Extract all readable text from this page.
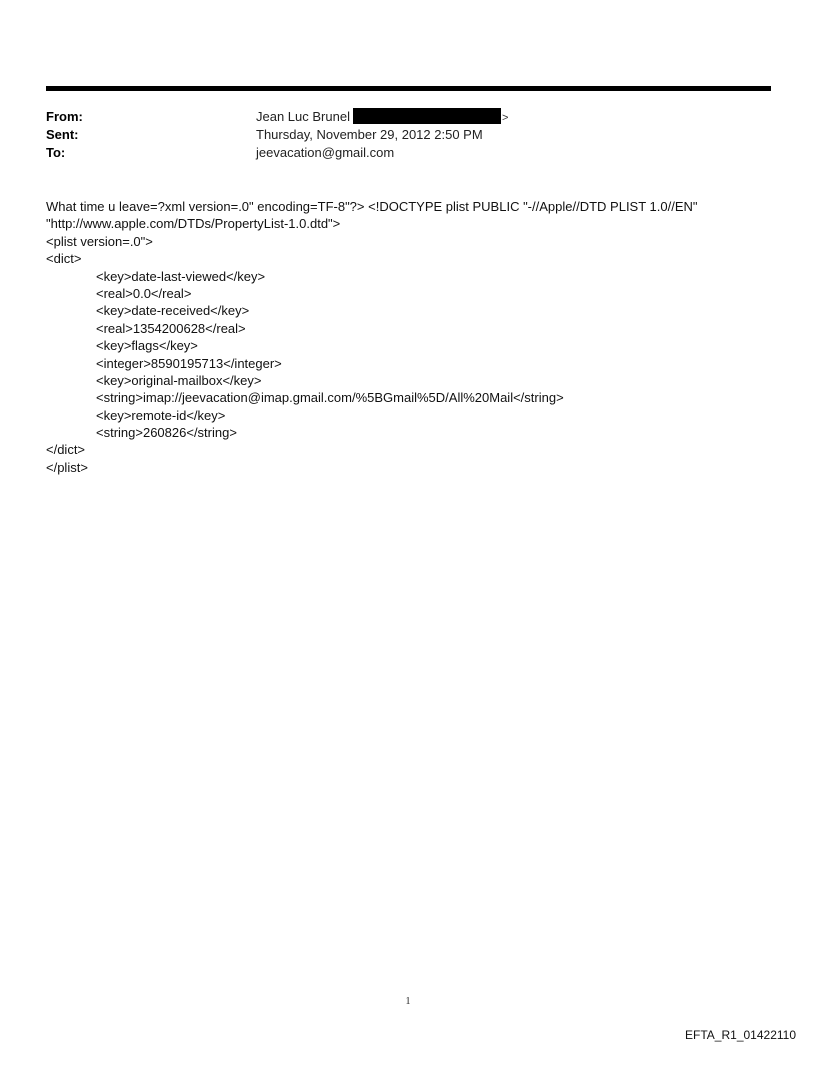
From:	Jean Luc Brunel	>
Sent:	Thursday, November 29, 2012 2:50 PM
To:	jeevacation@gmail.com
What time u leave=?xml version=.0" encoding=TF-8"?> <!DOCTYPE plist PUBLIC "-//Apple//DTD PLIST 1.0//EN"
"http://www.apple.com/DTDs/PropertyList-1.0.dtd">
<plist version=.0">
<dict>
<key>date-last-viewed</key>
<real>0.0</real>
<key>date-received</key>
<real>1354200628</real>
<key>flags</key>
<integer>8590195713</integer>
<key>original-mailbox</key>
<string>imap://jeevacation@imap.gmail.com/%5BGmail%5D/All%20Mail</string>
<key>remote-id</key>
<string>260826</string>
</dict>
</plist>
1
EFTA_R1_01422110
